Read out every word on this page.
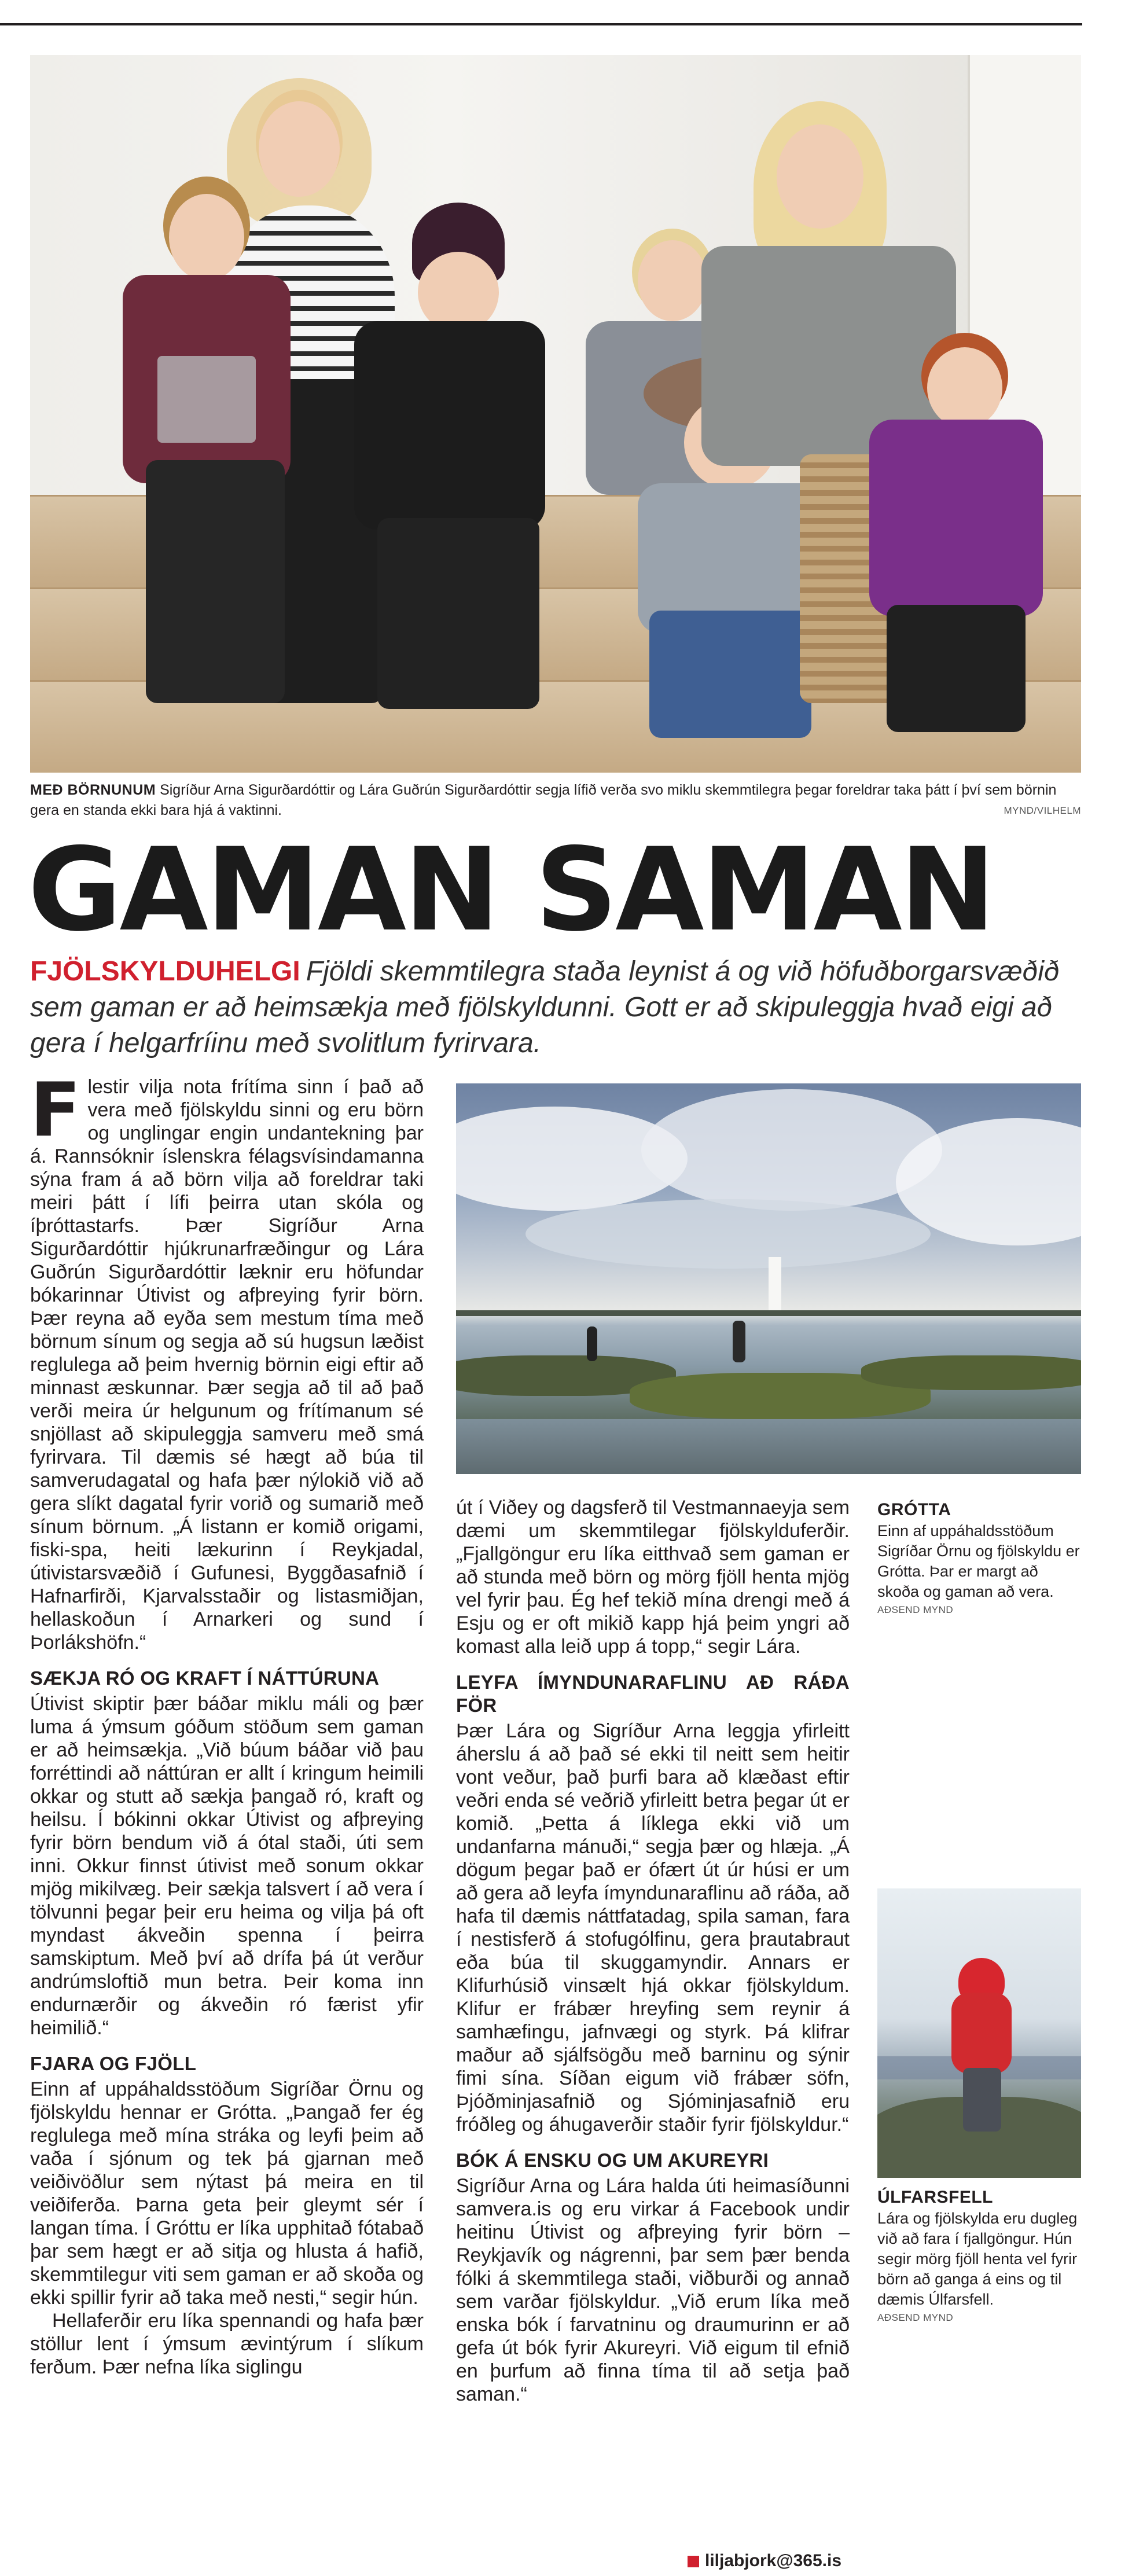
MEÐ BÖRNUNUM Sigríður Arna Sigurðardóttir og Lára Guðrún Sigurðardóttir segja lífið verða svo miklu skemmtilegra þegar foreldrar taka þátt í því sem börnin gera en standa ekki bara hjá á vaktinni.	MYND/VILHELM
GAMAN SAMAN
FJÖLSKYLDUHELGI Fjöldi skemmtilegra staða leynist á og við höfuðborgarsvæðið sem gaman er að heimsækja með fjölskyldunni. Gott er að skipuleggja hvað eigi að gera í helgarfríinu með svolitlum fyrirvara.

Flestir vilja nota frítíma sinn í það að vera með fjölskyldu sinni og eru börn og unglingar engin undantekning þar á. Rannsóknir íslenskra félagsvísindamanna sýna fram á að börn vilja að foreldrar taki meiri þátt í lífi þeirra utan skóla og íþróttastarfs. Þær Sigríður Arna Sigurðardóttir hjúkrunarfræðingur og Lára Guðrún Sigurðardóttir læknir eru höfundar bókarinnar Útivist og afþreying fyrir börn. Þær reyna að eyða sem mestum tíma með börnum sínum og segja að sú hugsun læðist reglulega að þeim hvernig börnin eigi eftir að minnast æskunnar. Þær segja að til að það verði meira úr helgunum og frítímanum sé snjöllast að skipuleggja samveru með smá fyrirvara. Til dæmis sé hægt að búa til samverudagatal og hafa þær nýlokið við að gera slíkt dagatal fyrir vorið og sumarið með sínum börnum. „Á listann er komið origami, fiski-spa, heiti lækurinn í Reykjadal, útivistarsvæðið í Gufunesi, Byggðasafnið í Hafnarfirði, Kjarvalsstaðir og listasmiðjan, hellaskoðun í Arnarkeri og sund í Þorlákshöfn.“

SÆKJA RÓ OG KRAFT Í NÁTTÚRUNA

Útivist skiptir þær báðar miklu máli og þær luma á ýmsum góðum stöðum sem gaman er að heimsækja. „Við búum báðar við þau forréttindi að náttúran er allt í kringum heimili okkar og stutt að sækja þangað ró, kraft og heilsu. Í bókinni okkar Útivist og afþreying fyrir börn bendum við á ótal staði, úti sem inni. Okkur finnst útivist með sonum okkar mjög mikilvæg. Þeir sækja talsvert í að vera í tölvunni þegar þeir eru heima og vilja þá oft myndast ákveðin spenna í þeirra samskiptum. Með því að drífa þá út verður andrúmsloftið mun betra. Þeir koma inn endurnærðir og ákveðin ró færist yfir heimilið.“

FJARA OG FJÖLL

Einn af uppáhaldsstöðum Sigríðar Örnu og fjölskyldu hennar er Grótta. „Þangað fer ég reglulega með mína stráka og leyfi þeim að vaða í sjónum og tek þá gjarnan með veiðivöðlur sem nýtast þá meira en til veiðiferða. Þarna geta þeir gleymt sér í langan tíma. Í Gróttu er líka upphitað fótabað þar sem hægt er að sitja og hlusta á hafið, skemmtilegur viti sem gaman er að skoða og ekki spillir fyrir að taka með nesti,“ segir hún.

Hellaferðir eru líka spennandi og hafa þær stöllur lent í ýmsum ævintýrum í slíkum ferðum. Þær nefna líka siglingu

út í Viðey og dagsferð til Vestmannaeyja sem dæmi um skemmtilegar fjölskylduferðir. „Fjallgöngur eru líka eitthvað sem gaman er að stunda með börn og mörg fjöll henta mjög vel fyrir þau. Ég hef tekið mína drengi með á Esju og er oft mikið kapp hjá þeim yngri að komast alla leið upp á topp,“ segir Lára.

LEYFA ÍMYNDUNARAFLINU AÐ RÁÐA FÖR

Þær Lára og Sigríður Arna leggja yfirleitt áherslu á að það sé ekki til neitt sem heitir vont veður, það þurfi bara að klæðast eftir veðri enda sé veðrið yfirleitt betra þegar út er komið. „Þetta á líklega ekki við um undanfarna mánuði,“ segja þær og hlæja. „Á dögum þegar það er ófært út úr húsi er um að gera að leyfa ímyndunaraflinu að ráða, að hafa til dæmis náttfatadag, spila saman, fara í nestisferð á stofugólfinu, gera þrautabraut eða búa til skuggamyndir. Annars er Klifurhúsið vinsælt hjá okkar fjölskyldum. Klifur er frábær hreyfing sem reynir á samhæfingu, jafnvægi og styrk. Þá klifrar maður að sjálfsögðu með barninu og sýnir fimi sína. Síðan eigum við frábær söfn, Þjóðminjasafnið og Sjóminjasafnið eru fróðleg og áhugaverðir staðir fyrir fjölskyldur.“

BÓK Á ENSKU OG UM AKUREYRI

Sigríður Arna og Lára halda úti heimasíðunni samvera.is og eru virkar á Facebook undir heitinu Útivist og afþreying fyrir börn – Reykjavík og nágrenni, þar sem þær benda fólki á skemmtilega staði, viðburði og annað sem varðar fjölskyldur. „Við erum líka með enska bók í farvatninu og draumurinn er að gefa út bók fyrir Akureyri. Við eigum til efnið en þurfum að finna tíma til að setja það saman.“

GRÓTTA
Einn af uppáhaldsstöðum Sigríðar Örnu og fjölskyldu er Grótta. Þar er margt að skoða og gaman að vera.
AÐSEND MYND
ÚLFARSFELL
Lára og fjölskylda eru dugleg við að fara í fjallgöngur. Hún segir mörg fjöll henta vel fyrir börn að ganga á eins og til dæmis Úlfarsfell.
AÐSEND MYND
liljabjork@365.is
